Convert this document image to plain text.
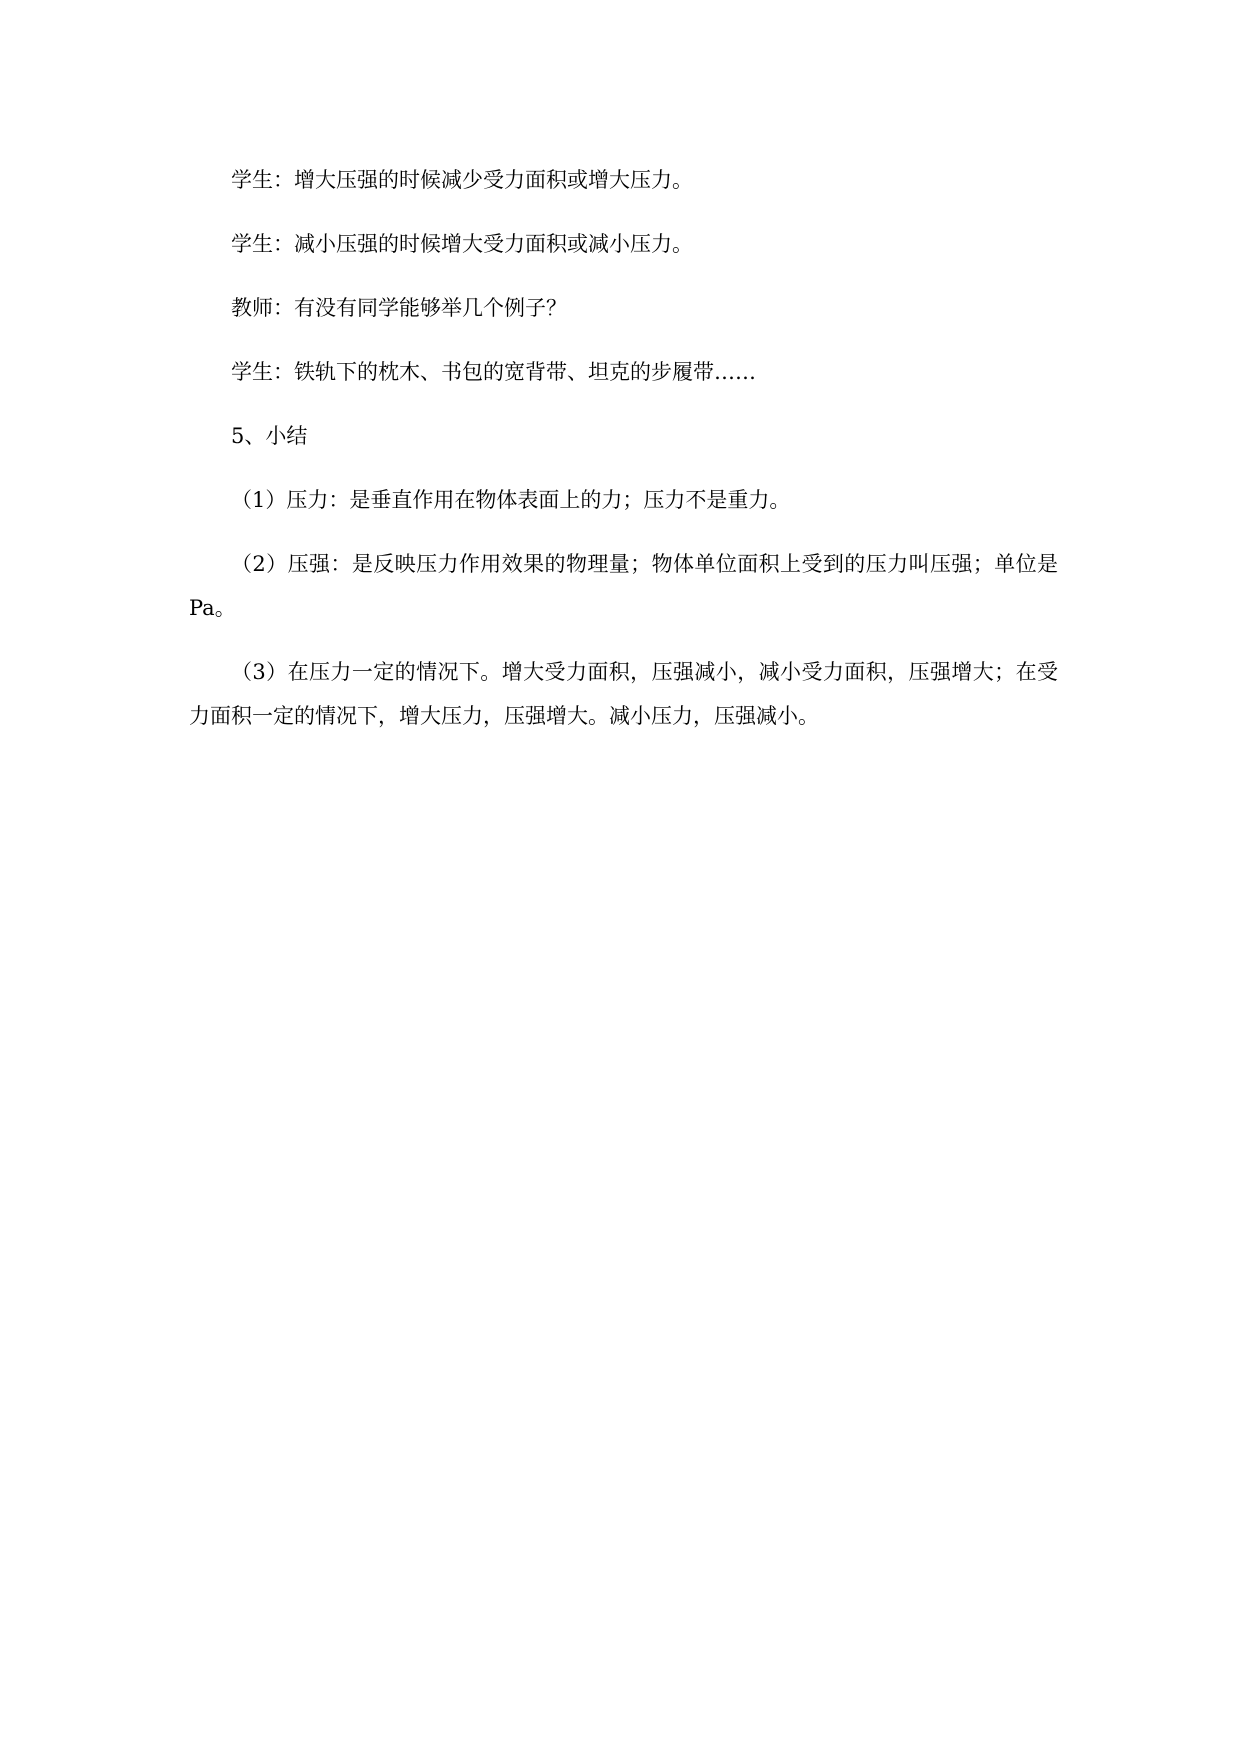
学生：增大压强的时候减少受力面积或增大压力。

学生：减小压强的时候增大受力面积或减小压力。

教师：有没有同学能够举几个例子？

学生：铁轨下的枕木、书包的宽背带、坦克的步履带……

5、小结

（1）压力：是垂直作用在物体表面上的力；压力不是重力。

（2）压强：是反映压力作用效果的物理量；物体单位面积上受到的压力叫压强；单位是 Pa。

（3）在压力一定的情况下。增大受力面积，压强减小，减小受力面积，压强增大；在受力面积一定的情况下，增大压力，压强增大。减小压力，压强减小。
